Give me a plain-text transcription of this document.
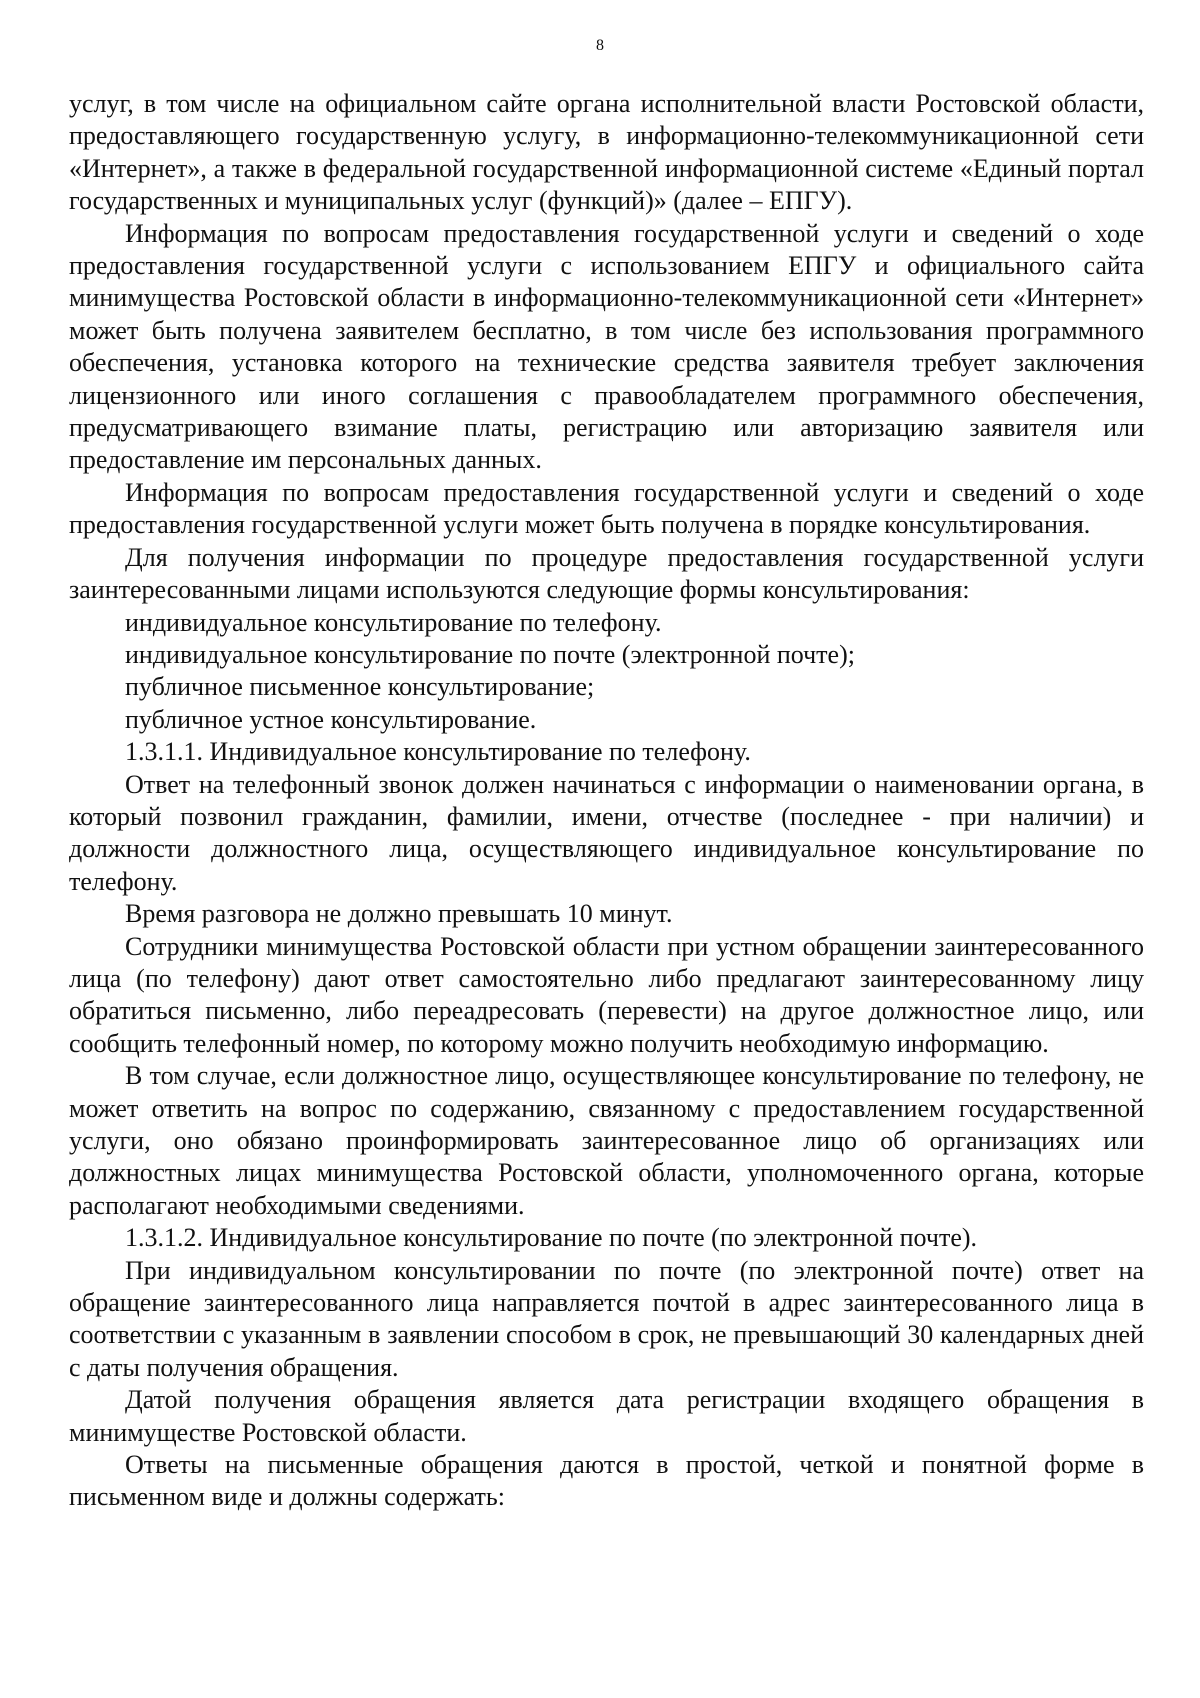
8

услуг, в том числе на официальном сайте органа исполнительной власти Ростовской области, предоставляющего государственную услугу, в информационно-телекоммуникационной сети «Интернет», а также в федеральной государственной информационной системе «Единый портал государственных и муниципальных услуг (функций)» (далее – ЕПГУ).

Информация по вопросам предоставления государственной услуги и сведений о ходе предоставления государственной услуги с использованием ЕПГУ и официального сайта минимущества Ростовской области в информационно-телекоммуникационной сети «Интернет» может быть получена заявителем бесплатно, в том числе без использования программного обеспечения, установка которого на технические средства заявителя требует заключения лицензионного или иного соглашения с правообладателем программного обеспечения, предусматривающего взимание платы, регистрацию или авторизацию заявителя или предоставление им персональных данных.

Информация по вопросам предоставления государственной услуги и сведений о ходе предоставления государственной услуги может быть получена в порядке консультирования.

Для получения информации по процедуре предоставления государственной услуги заинтересованными лицами используются следующие формы консультирования:

индивидуальное консультирование по телефону.

индивидуальное консультирование по почте (электронной почте);

публичное письменное консультирование;

публичное устное консультирование.

1.3.1.1. Индивидуальное консультирование по телефону.

Ответ на телефонный звонок должен начинаться с информации о наименовании органа, в который позвонил гражданин, фамилии, имени, отчестве (последнее - при наличии) и должности должностного лица, осуществляющего индивидуальное консультирование по телефону.

Время разговора не должно превышать 10 минут.

Сотрудники минимущества Ростовской области при устном обращении заинтересованного лица (по телефону) дают ответ самостоятельно либо предлагают заинтересованному лицу обратиться письменно, либо переадресовать (перевести) на другое должностное лицо, или сообщить телефонный номер, по которому можно получить необходимую информацию.

В том случае, если должностное лицо, осуществляющее консультирование по телефону, не может ответить на вопрос по содержанию, связанному с предоставлением государственной услуги, оно обязано проинформировать заинтересованное лицо об организациях или должностных лицах минимущества Ростовской области, уполномоченного органа, которые располагают необходимыми сведениями.

1.3.1.2. Индивидуальное консультирование по почте (по электронной почте).

При индивидуальном консультировании по почте (по электронной почте) ответ на обращение заинтересованного лица направляется почтой в адрес заинтересованного лица в соответствии с указанным в заявлении способом в срок, не превышающий 30 календарных дней с даты получения обращения.

Датой получения обращения является дата регистрации входящего обращения в минимуществе Ростовской области.

Ответы на письменные обращения даются в простой, четкой и понятной форме в письменном виде и должны содержать:
